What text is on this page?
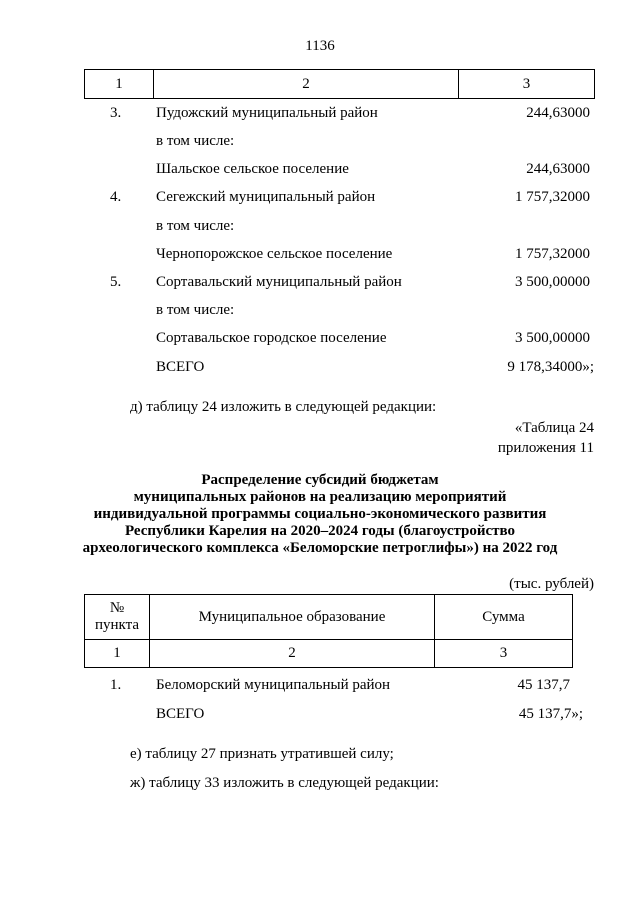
1136
1	2	3
3. Пудожский муниципальный район	244,63000
в том числе:
Шальское сельское поселение	244,63000
4. Сегежский муниципальный район	1 757,32000
в том числе:
Чернопорожское сельское поселение	1 757,32000
5. Сортавальский муниципальный район	3 500,00000
в том числе:
Сортавальское городское поселение	3 500,00000
ВСЕГО	9 178,34000»;
д) таблицу 24 изложить в следующей редакции:
«Таблица 24
приложения 11
Распределение субсидий бюджетам
муниципальных районов на реализацию мероприятий
индивидуальной программы социально-экономического развития
Республики Карелия на 2020–2024 годы (благоустройство
археологического комплекса «Беломорские петроглифы») на 2022 год
(тыс. рублей)
№
пункта	Муниципальное образование	Сумма
1	2	3
1. Беломорский муниципальный район	45 137,7
ВСЕГО	45 137,7»;
е) таблицу 27 признать утратившей силу;
ж) таблицу 33 изложить в следующей редакции:
